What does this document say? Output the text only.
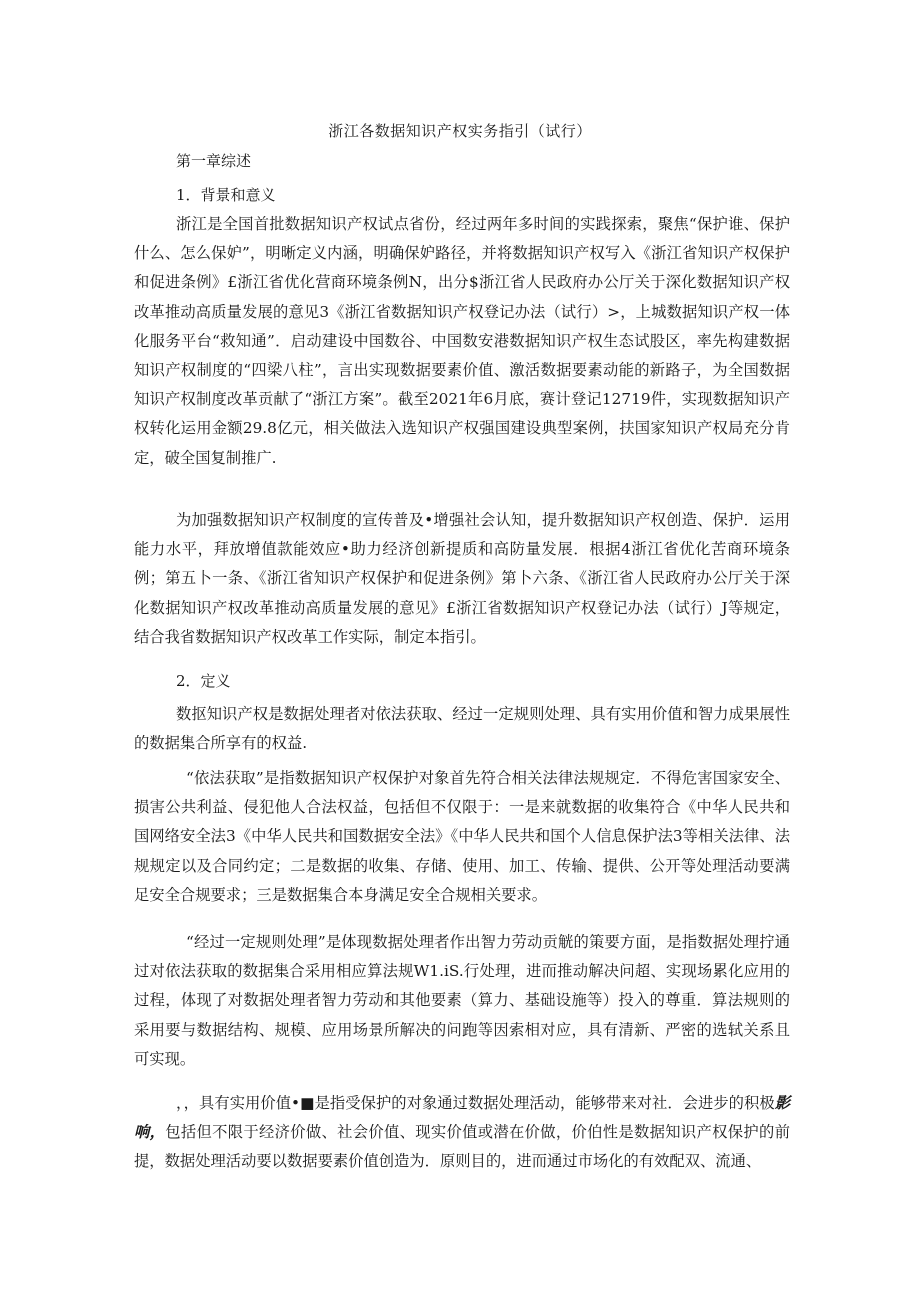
浙江各数据知识产权实务指引（试行）
第一章综述
1．背景和意义

浙江是全国首批数据知识产权试点省份，经过两年多时间的实践探索，聚焦“保护谁、保护什么、怎么保妒”，明晰定义内涵，明确保妒路径，并将数据知识产权写入《浙江省知识产权保护和促进条例》£浙江省优化营商环境条例N，出分$浙江省人民政府办公厅关于深化数据知识产权改革推动高质量发展的意见3《浙江省数据知识产权登记办法（试行）>，上城数据知识产权一体化服务平台“救知通”．启动建设中国数谷、中国数安港数据知识产权生态试股区，率先构建数据知识产权制度的“四梁八柱”，言出实现数据要素价值、激活数据要素动能的新路子，为全国数据知识产权制度改革贡献了“浙江方案”。截至2021年6月底，赛计登记12719件，实现数据知识产权转化运用金额29.8亿元，相关做法入选知识产权强国建设典型案例，扶国家知识产权局充分肯定，破全国复制推广.

为加强数据知识产权制度的宣传普及•增强社会认知，提升数据知识产权创造、保护．运用能力水平，拜放增值款能效应•助力经济创新提质和高防量发展．根据4浙江省优化苦商环境条例；第五卜一条、《浙江省知识产权保护和促进条例》第卜六条、《浙江省人民政府办公厅关于深化数据知识产权改革推动高质量发展的意见》£浙江省数据知识产权登记办法（试行）J等规定，结合我省数据知识产权改革工作实际，制定本指引。

2．定义

数抠知识产权是数据处理者对依法获取、经过一定规则处理、具有实用价值和智力成果展性的数据集合所享有的权益.

“依法获取”是指数据知识产权保护对象首先符合相关法律法规规定．不得危害国家安全、损害公共利益、侵犯他人合法权益，包括但不仅限于：一是来就数据的收集符合《中华人民共和国网络安全法3《中华人民共和国数据安全法》《中华人民共和国个人信息保护法3等相关法律、法规规定以及合同约定；二是数据的收集、存储、使用、加工、传输、提供、公开等处理活动要满足安全合规要求；三是数据集合本身满足安全合规相关要求。

“经过一定规则处理”是体现数据处理者作出智力劳动贡觥的策要方面，是指数据处理拧通过对依法获取的数据集合采用相应算法规W1.iS.行处理，进而推动解决问超、实现场累化应用的过程，体现了对数据处理者智力劳动和其他要素（算力、基础设施等）投入的尊重．算法规则的采用要与数据结构、规模、应用场景所解决的问跑等因索相对应，具有清新、严密的选轼关系且可实现。

，，具有实用价值•■是指受保护的对象通过数据处理活动，能够带来对社．会进步的积极影响，包括但不限于经济价做、社会价值、现实价值或潜在价做，价伯性是数据知识产权保护的前提，数据处理活动要以数据要素价值创造为．原则目的，进而通过市场化的有效配双、流通、
